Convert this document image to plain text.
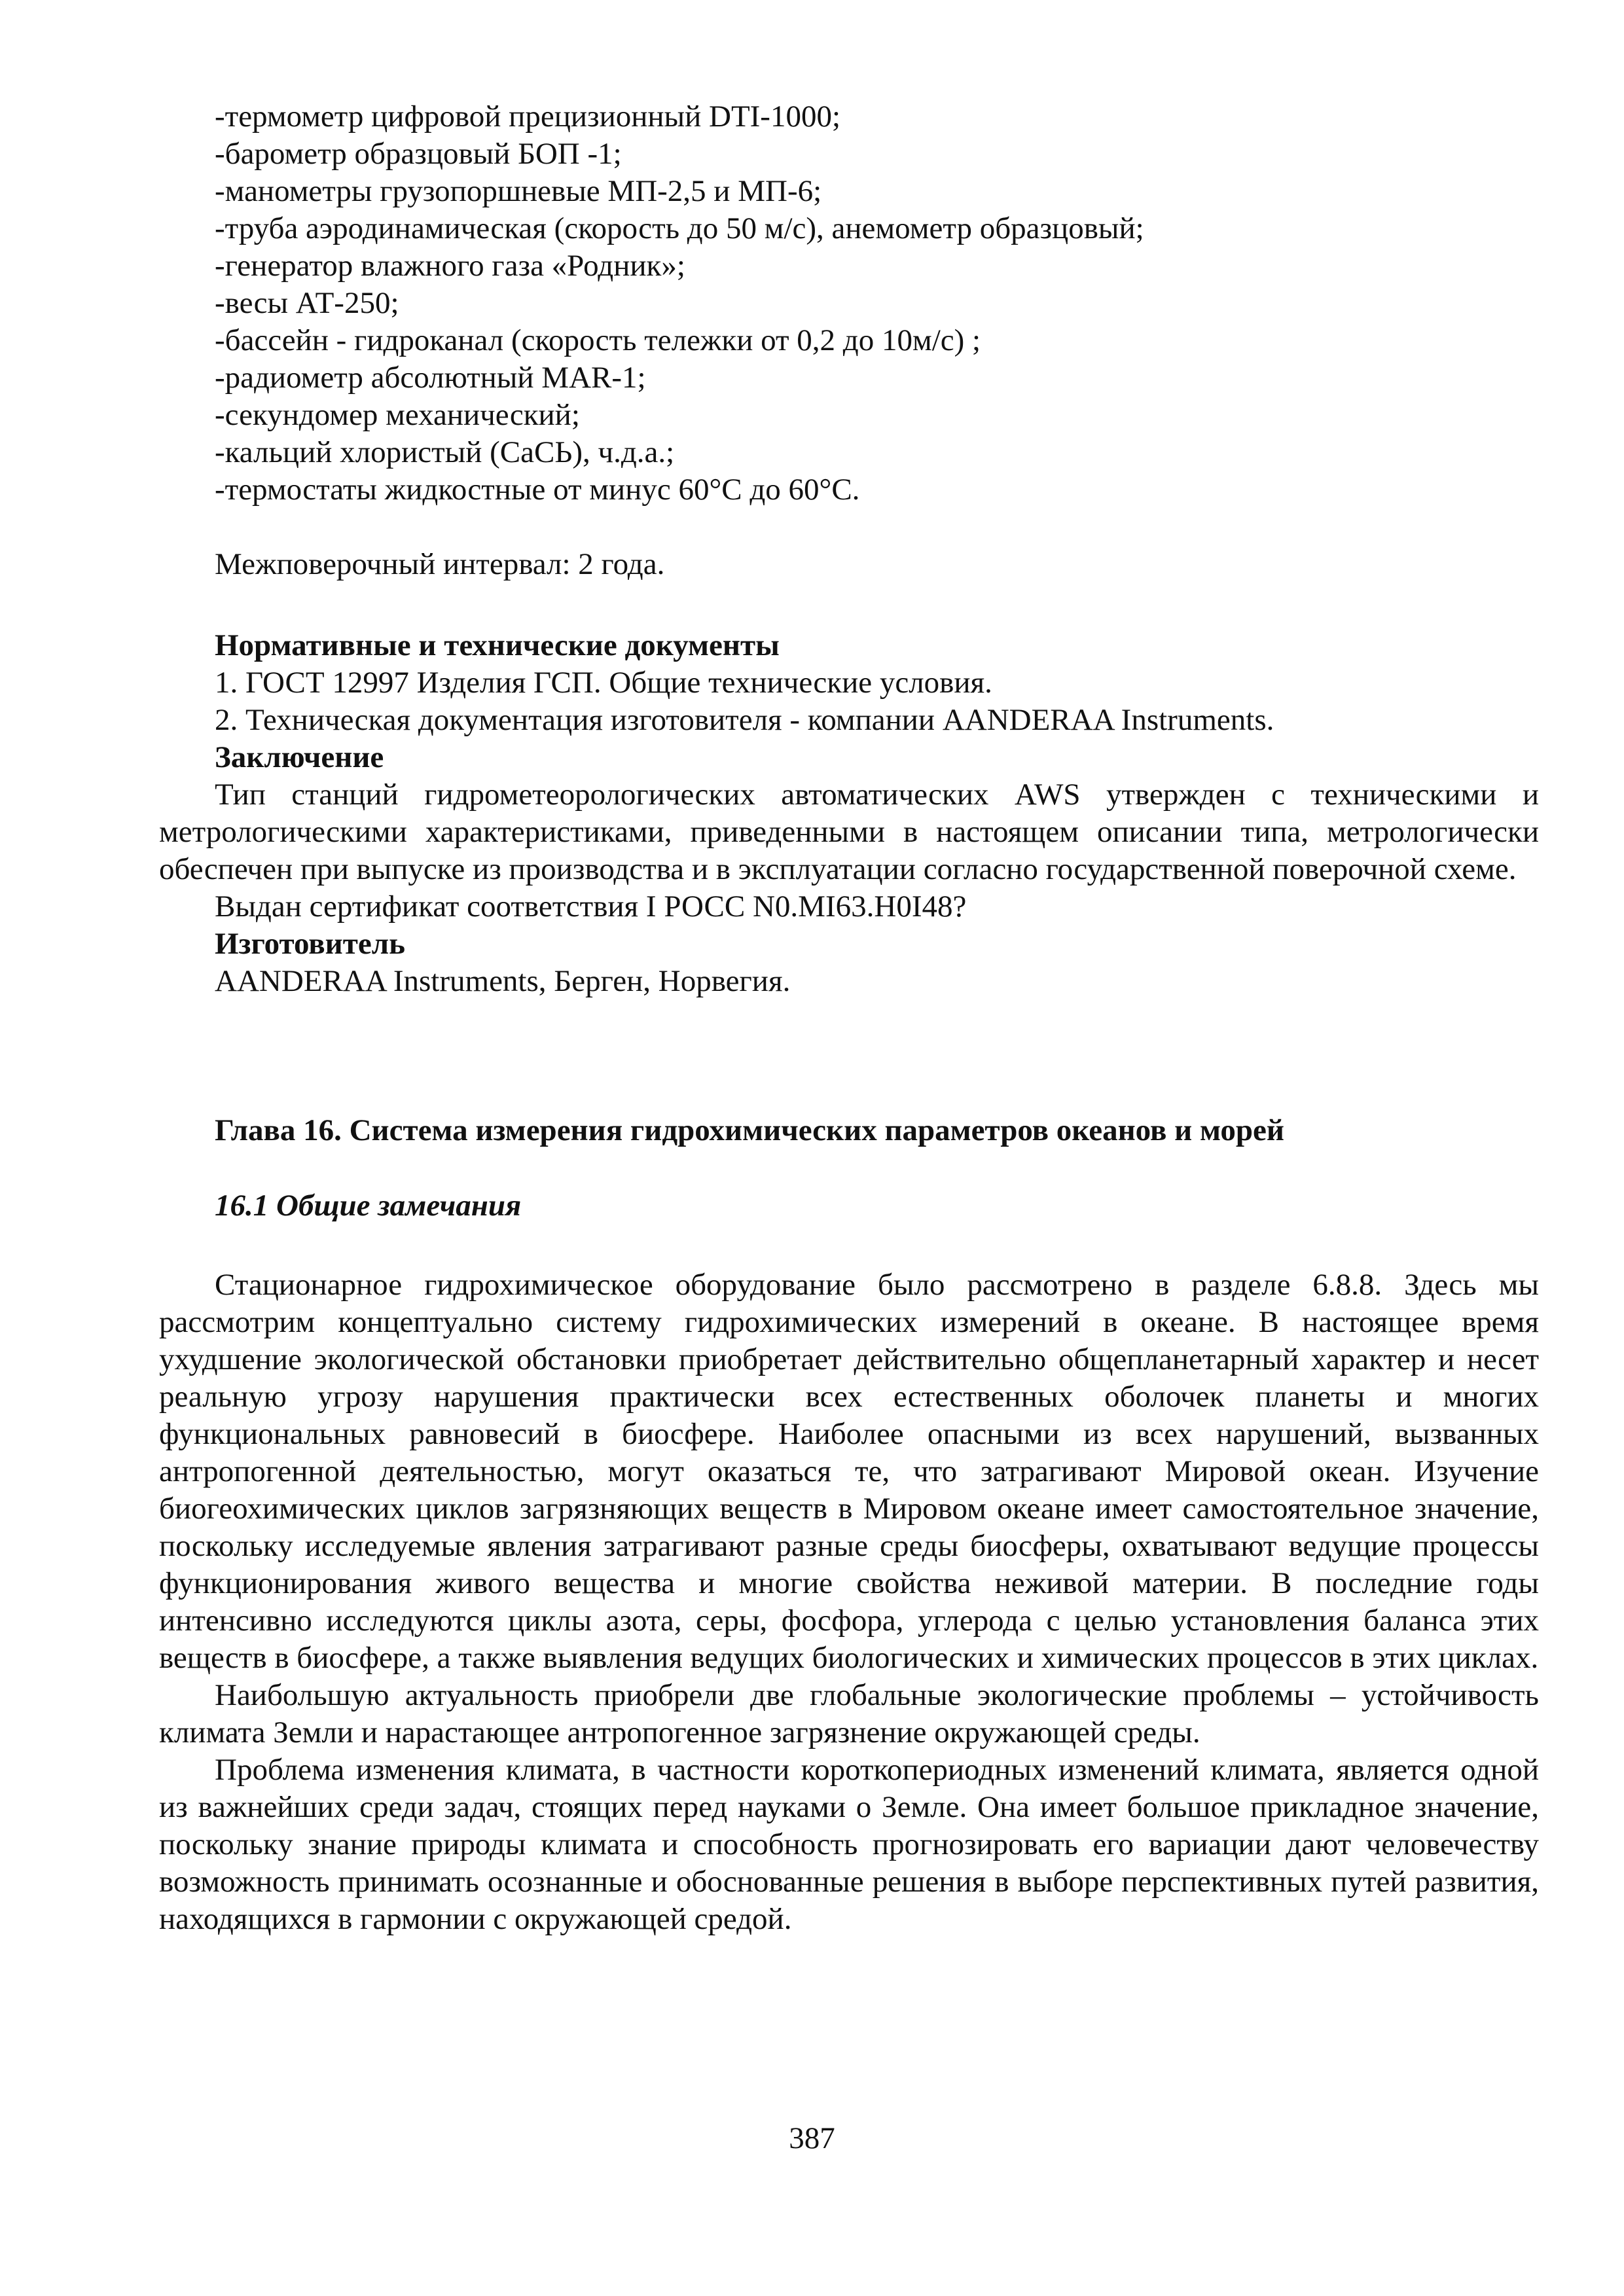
-термометр цифровой прецизионный DTI-1000;
-барометр образцовый БОП -1;
-манометры грузопоршневые МП-2,5 и МП-6;
-труба аэродинамическая (скорость до 50 м/с), анемометр образцовый;
-генератор влажного газа «Родник»;
-весы АТ-250;
-бассейн - гидроканал (скорость тележки от 0,2 до 10м/с) ;
-радиометр абсолютный MAR-1;
-секундомер механический;
-кальций хлористый (СаСЬ), ч.д.а.;
-термостаты жидкостные от минус 60°С до 60°С.
Межповерочный интервал: 2 года.
Нормативные и технические документы
1. ГОСТ 12997 Изделия ГСП. Общие технические условия.
2. Техническая документация изготовителя - компании AANDERAA Instruments.
Заключение
Тип станций гидрометеорологических автоматических AWS утвержден с техническими и метрологическими характеристиками, приведенными в настоящем описании типа, метрологически обеспечен при выпуске из производства и в эксплуатации согласно государственной поверочной схеме.
Выдан сертификат соответствия I РОСС N0.MI63.H0I48?
Изготовитель
AANDERAA Instruments, Берген, Норвегия.
Глава 16. Система измерения гидрохимических параметров океанов и морей
16.1 Общие замечания
Стационарное гидрохимическое оборудование было рассмотрено в разделе 6.8.8. Здесь мы рассмотрим концептуально систему гидрохимических измерений в океане. В настоящее время ухудшение экологической обстановки приобретает действительно общепланетарный характер и несет реальную угрозу нарушения практически всех естественных оболочек планеты и многих функциональных равновесий в биосфере. Наиболее опасными из всех нарушений, вызванных антропогенной деятельностью, могут оказаться те, что затрагивают Мировой океан. Изучение биогеохимических циклов загрязняющих веществ в Мировом океане имеет самостоятельное значение, поскольку исследуемые явления затрагивают разные среды биосферы, охватывают ведущие процессы функционирования живого вещества и многие свойства неживой материи. В последние годы интенсивно исследуются циклы азота, серы, фосфора, углерода с целью установления баланса этих веществ в биосфере, а также выявления ведущих биологических и химических процессов в этих циклах.
Наибольшую актуальность приобрели две глобальные экологические проблемы – устойчивость климата Земли и нарастающее антропогенное загрязнение окружающей среды.
Проблема изменения климата, в частности короткопериодных изменений климата, является одной из важнейших среди задач, стоящих перед науками о Земле. Она имеет большое прикладное значение, поскольку знание природы климата и способность прогнозировать его вариации дают человечеству возможность принимать осознанные и обоснованные решения в выборе перспективных путей развития, находящихся в гармонии с окружающей средой.
387
